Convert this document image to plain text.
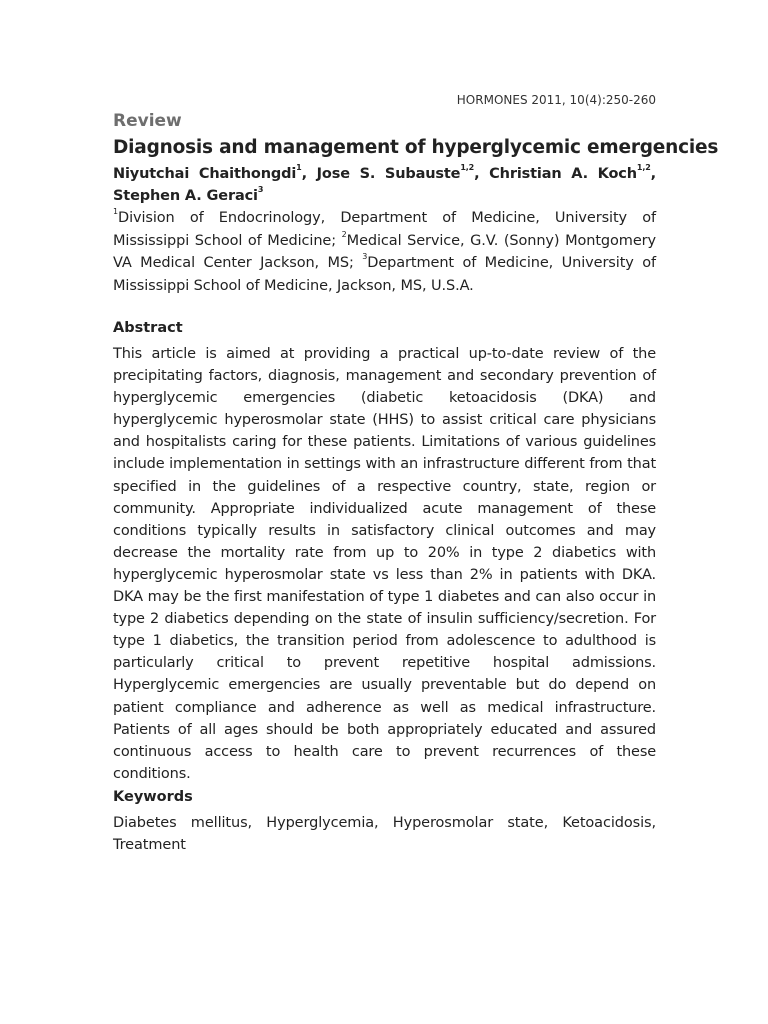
HORMONES 2011, 10(4):250-260
Review
Diagnosis and management of hyperglycemic emergencies
Niyutchai Chaithongdi$^1$, Jose S. Subauste$^{1,2}$, Christian A. Koch$^{1,2}$, Stephen A. Geraci$^3$
$^1$Division of Endocrinology, Department of Medicine, University of Mississippi School of Medicine; $^2$Medical Service, G.V. (Sonny) Montgomery VA Medical Center Jackson, MS; $^3$Department of Medicine, University of Mississippi School of Medicine, Jackson, MS, U.S.A.
Abstract
This article is aimed at providing a practical up-to-date review of the precipitating factors, diagnosis, management and secondary prevention of hyperglycemic emergencies (diabetic ketoacidosis (DKA) and hyperglycemic hyperosmolar state (HHS) to assist critical care physicians and hospitalists caring for these patients. Limitations of various guidelines include implementation in settings with an infrastructure different from that specified in the guidelines of a respective country, state, region or community. Appropriate individualized acute management of these conditions typically results in satisfactory clinical outcomes and may decrease the mortality rate from up to 20% in type 2 diabetics with hyperglycemic hyperosmolar state vs less than 2% in patients with DKA. DKA may be the first manifestation of type 1 diabetes and can also occur in type 2 diabetics depending on the state of insulin sufficiency/secretion. For type 1 diabetics, the transition period from adolescence to adulthood is particularly critical to prevent repetitive hospital admissions. Hyperglycemic emergencies are usually preventable but do depend on patient compliance and adherence as well as medical infrastructure. Patients of all ages should be both appropriately educated and assured continuous access to health care to prevent recurrences of these conditions.
Keywords
Diabetes mellitus, Hyperglycemia, Hyperosmolar state, Ketoacidosis, Treatment
